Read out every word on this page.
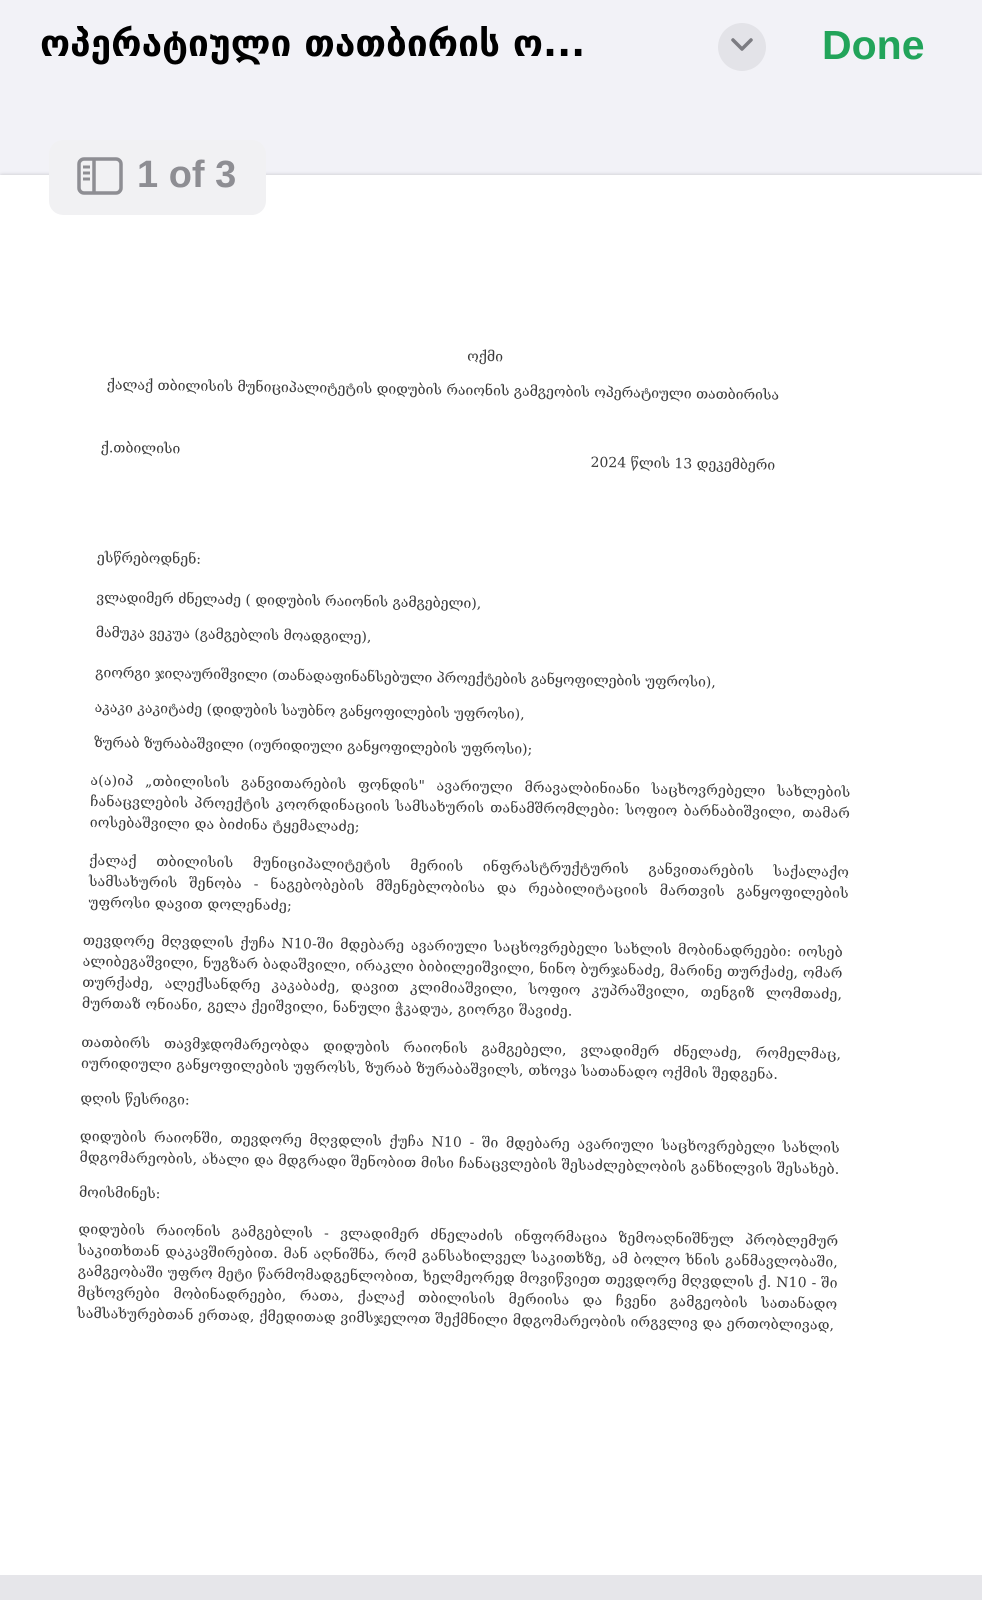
ოპერატიული თათბირის ო...	Done
ოქმი
ქალაქ თბილისის მუნიციპალიტეტის დიდუბის რაიონის გამგეობის ოპერატიული თათბირისა
ქ.თბილისი
2024 წლის 13 დეკემბერი
ესწრებოდნენ:
ვლადიმერ ძნელაძე ( დიდუბის რაიონის გამგებელი),
მამუკა ვეკუა (გამგებლის მოადგილე),
გიორგი ჯიღაურიშვილი (თანადაფინანსებული პროექტების განყოფილების უფროსი),
აკაკი კაკიტაძე (დიდუბის საუბნო განყოფილების უფროსი),
ზურაბ ზურაბაშვილი (იურიდიული განყოფილების უფროსი);
ა(ა)იპ „თბილისის განვითარების ფონდის" ავარიული მრავალბინიანი საცხოვრებელი სახლების ჩანაცვლების პროექტის კოორდინაციის სამსახურის თანამშრომლები: სოფიო ბარნაბიშვილი, თამარ იოსებაშვილი და ბიძინა ტყემალაძე;
ქალაქ თბილისის მუნიციპალიტეტის მერიის ინფრასტრუქტურის განვითარების საქალაქო სამსახურის შენობა - ნაგებობების მშენებლობისა და რეაბილიტაციის მართვის განყოფილების უფროსი დავით დოლენაძე;
თევდორე მღვდლის ქუჩა N10-ში მდებარე ავარიული საცხოვრებელი სახლის მობინადრეები: იოსებ ალიბეგაშვილი, ნუგზარ ბადაშვილი, ირაკლი ბიბილეიშვილი, ნინო ბურჯანაძე, მარინე თურქაძე, ომარ თურქაძე, ალექსანდრე კაკაბაძე, დავით კლიმიაშვილი, სოფიო კუპრაშვილი, თენგიზ ლომთაძე, მურთაზ ონიანი, გელა ქეიშვილი, ნანული ჭკადუა, გიორგი შავიძე.
თათბირს თავმჯდომარეობდა დიდუბის რაიონის გამგებელი, ვლადიმერ ძნელაძე, რომელმაც, იურიდიული განყოფილების უფროსს, ზურაბ ზურაბაშვილს, თხოვა სათანადო ოქმის შედგენა.
დღის წესრიგი:
დიდუბის რაიონში, თევდორე მღვდლის ქუჩა N10 - ში მდებარე ავარიული საცხოვრებელი სახლის მდგომარეობის, ახალი და მდგრადი შენობით მისი ჩანაცვლების შესაძლებლობის განხილვის შესახებ.
მოისმინეს:
დიდუბის რაიონის გამგებლის - ვლადიმერ ძნელაძის ინფორმაცია ზემოაღნიშნულ პრობლემურ საკითხთან დაკავშირებით. მან აღნიშნა, რომ განსახილველ საკითხზე, ამ ბოლო ხნის განმავლობაში, გამგეობაში უფრო მეტი წარმომადგენლობით, ხელმეორედ მოვიწვიეთ თევდორე მღვდლის ქ. N10 - ში მცხოვრები მობინადრეები, რათა, ქალაქ თბილისის მერიისა და ჩვენი გამგეობის სათანადო სამსახურებთან ერთად, ქმედითად ვიმსჯელოთ შექმნილი მდგომარეობის ირგვლივ და ერთობლივად,
1 of 3
